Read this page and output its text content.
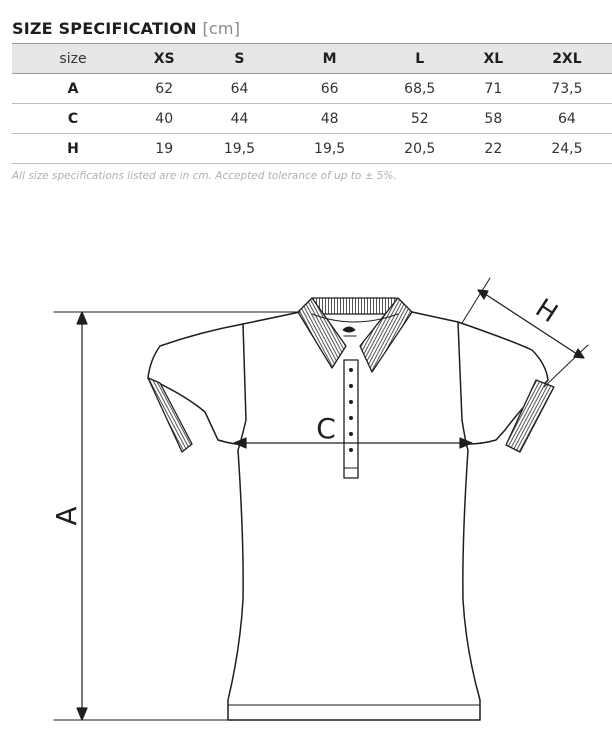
SIZE SPECIFICATION [cm]
size	XS	S	M	L	XL	2XL
A	62	64	66	68,5	71	73,5
C	40	44	48	52	58	64
H	19	19,5	19,5	20,5	22	24,5
All size specifications listed are in cm. Accepted tolerance of up to ± 5%.
A
C
H
